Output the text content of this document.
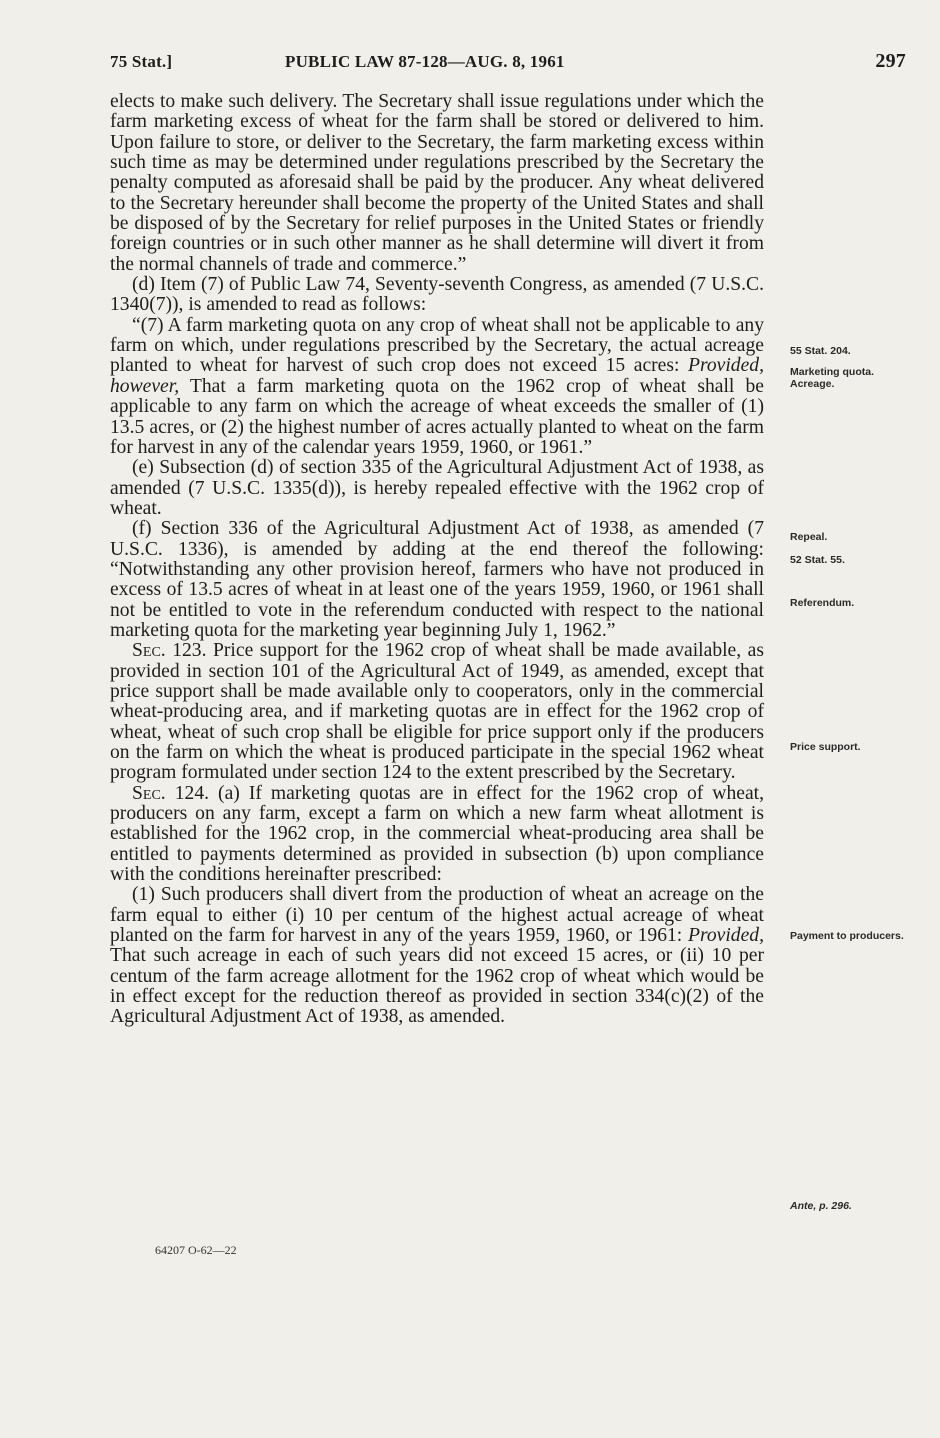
75 Stat.]	PUBLIC LAW 87-128—AUG. 8, 1961	297

elects to make such delivery. The Secretary shall issue regulations under which the farm marketing excess of wheat for the farm shall be stored or delivered to him. Upon failure to store, or deliver to the Secretary, the farm marketing excess within such time as may be determined under regulations prescribed by the Secretary the penalty computed as aforesaid shall be paid by the producer. Any wheat delivered to the Secretary hereunder shall become the property of the United States and shall be disposed of by the Secretary for relief purposes in the United States or friendly foreign countries or in such other manner as he shall determine will divert it from the normal channels of trade and commerce.”

(d) Item (7) of Public Law 74, Seventy-seventh Congress, as amended (7 U.S.C. 1340(7)), is amended to read as follows:

“(7) A farm marketing quota on any crop of wheat shall not be applicable to any farm on which, under regulations prescribed by the Secretary, the actual acreage planted to wheat for harvest of such crop does not exceed 15 acres: Provided, however, That a farm marketing quota on the 1962 crop of wheat shall be applicable to any farm on which the acreage of wheat exceeds the smaller of (1) 13.5 acres, or (2) the highest number of acres actually planted to wheat on the farm for harvest in any of the calendar years 1959, 1960, or 1961.”

(e) Subsection (d) of section 335 of the Agricultural Adjustment Act of 1938, as amended (7 U.S.C. 1335(d)), is hereby repealed effective with the 1962 crop of wheat.

(f) Section 336 of the Agricultural Adjustment Act of 1938, as amended (7 U.S.C. 1336), is amended by adding at the end thereof the following: “Notwithstanding any other provision hereof, farmers who have not produced in excess of 13.5 acres of wheat in at least one of the years 1959, 1960, or 1961 shall not be entitled to vote in the referendum conducted with respect to the national marketing quota for the marketing year beginning July 1, 1962.”

Sec. 123. Price support for the 1962 crop of wheat shall be made available, as provided in section 101 of the Agricultural Act of 1949, as amended, except that price support shall be made available only to cooperators, only in the commercial wheat-producing area, and if marketing quotas are in effect for the 1962 crop of wheat, wheat of such crop shall be eligible for price support only if the producers on the farm on which the wheat is produced participate in the special 1962 wheat program formulated under section 124 to the extent prescribed by the Secretary.

Sec. 124. (a) If marketing quotas are in effect for the 1962 crop of wheat, producers on any farm, except a farm on which a new farm wheat allotment is established for the 1962 crop, in the commercial wheat-producing area shall be entitled to payments determined as provided in subsection (b) upon compliance with the conditions hereinafter prescribed:

(1) Such producers shall divert from the production of wheat an acreage on the farm equal to either (i) 10 per centum of the highest actual acreage of wheat planted on the farm for harvest in any of the years 1959, 1960, or 1961: Provided, That such acreage in each of such years did not exceed 15 acres, or (ii) 10 per centum of the farm acreage allotment for the 1962 crop of wheat which would be in effect except for the reduction thereof as provided in section 334(c)(2) of the Agricultural Adjustment Act of 1938, as amended.

55 Stat. 204.
Marketing quota. Acreage.
Repeal.
52 Stat. 55.
Referendum.
Price support.
Payment to producers.
Ante, p. 296.
64207 O-62—22
